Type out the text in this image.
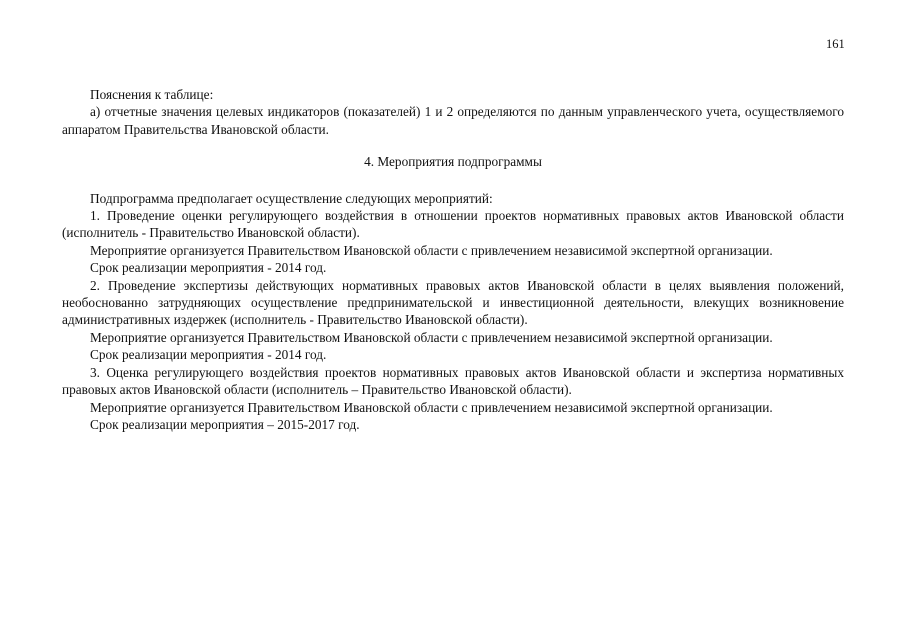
161

Пояснения к таблице:

а) отчетные значения целевых индикаторов (показателей) 1 и 2 определяются по данным управленческого учета, осуществляемого аппаратом Правительства Ивановской области.

4. Мероприятия подпрограммы

Подпрограмма предполагает осуществление следующих мероприятий:

1. Проведение оценки регулирующего воздействия в отношении проектов нормативных правовых актов Ивановской области (исполнитель - Правительство Ивановской области).

Мероприятие организуется Правительством Ивановской области с привлечением независимой экспертной организации.

Срок реализации мероприятия - 2014 год.

2. Проведение экспертизы действующих нормативных правовых актов Ивановской области в целях выявления положений, необоснованно затрудняющих осуществление предпринимательской и инвестиционной деятельности, влекущих возникновение административных издержек (исполнитель - Правительство Ивановской области).

Мероприятие организуется Правительством Ивановской области с привлечением независимой экспертной организации.

Срок реализации мероприятия - 2014 год.

3. Оценка регулирующего воздействия проектов нормативных правовых актов Ивановской области и экспертиза нормативных правовых актов Ивановской области (исполнитель – Правительство Ивановской области).

Мероприятие организуется Правительством Ивановской области с привлечением независимой экспертной организации.

Срок реализации мероприятия – 2015-2017 год.
